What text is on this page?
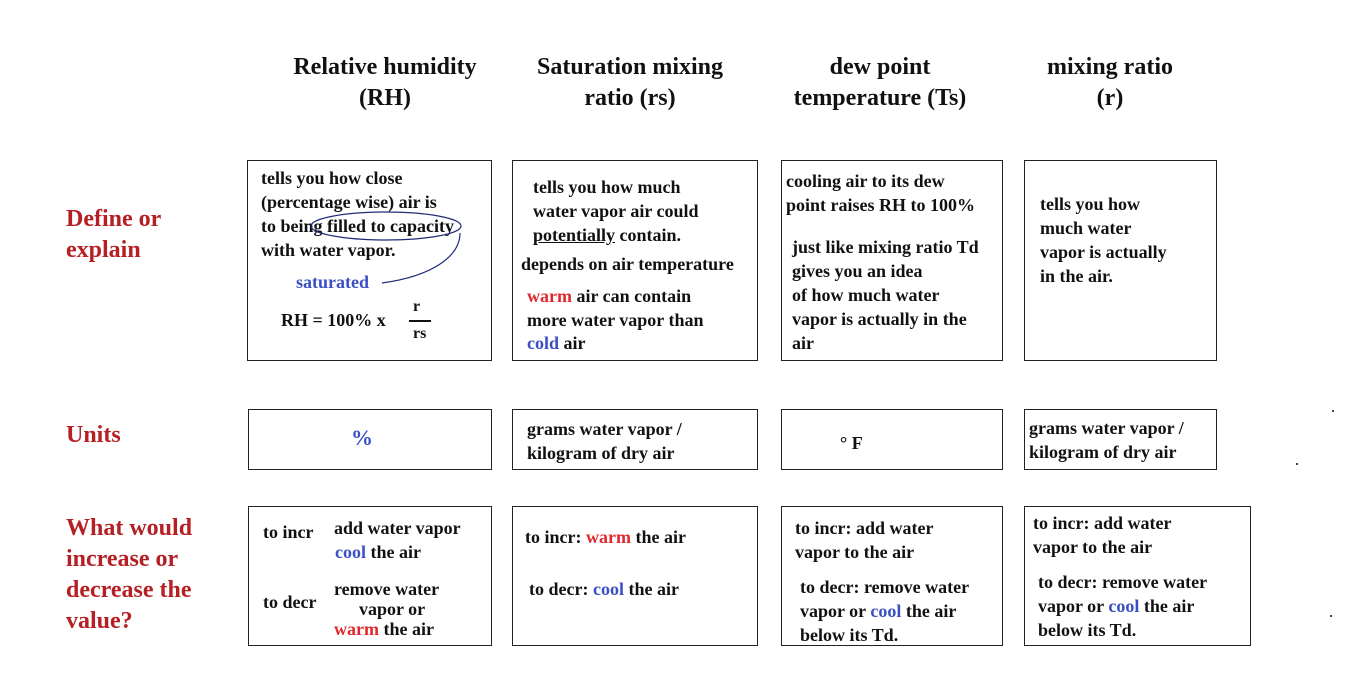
Relative humidity
(RH)
Saturation mixing
ratio (rs)
dew point
temperature (Ts)
mixing ratio
(r)
Define or
explain
Units
What would
increase or
decrease the
value?
tells you how close
(percentage wise) air is
to being filled to capacity
with water vapor.
saturated
RH = 100% x
r
rs
tells you how much
water vapor air could
potentially contain.
depends on air temperature
warm air can contain
more water vapor than
cold air
cooling air to its dew
point raises RH to 100%
just like mixing ratio Td
gives you an idea
of how much water
vapor is actually in the
air
tells you how
much water
vapor is actually
in the air.
%	grams water vapor /
kilogram of dry air	° F
grams water vapor /
kilogram of dry air
to incr add water vapor
cool the air
to decr
remove water
vapor or
warm the air
to incr: warm the air
to decr: cool the air
to incr: add water
vapor to the air
to decr: remove water
vapor or cool the air
below its Td.
to incr: add water
vapor to the air
to decr: remove water
vapor or cool the air
below its Td.
